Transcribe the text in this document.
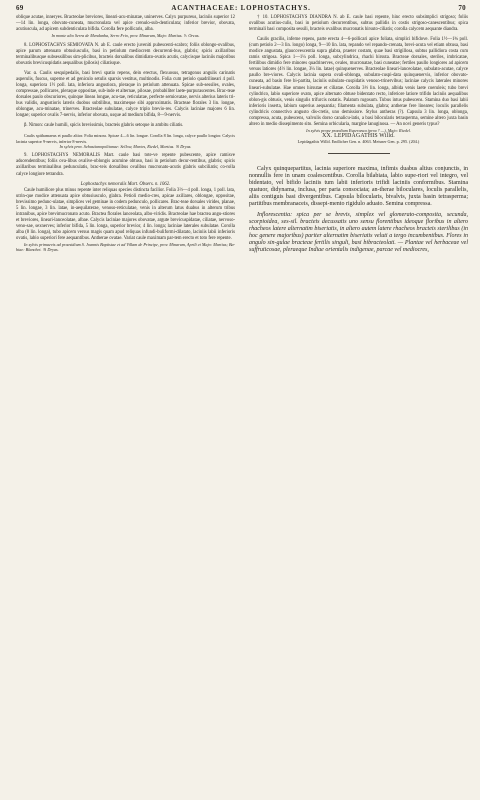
69	ACANTHACEAE: LOPHOSTACHYS.	70

oblique acutae, inneryes. Bracteolae breviores, lineari-acu-minatae, uninerves. Calyx purpureus, laciniis superior 12—14 lin. longa, obovato-cuneata, mucronulata vel apice crenulo-sub-denticulata; inferior brevior, obovata, acutiuscula, ad apicem subdenticulata bifida. Corolla fere pollicaris, alba.

In monte alto Serra de Mendanha, Serro Frio, prov. Minarum, Majo: Martius. ♄ Orcas.

8. LOPHOSTACHYS SEMIOVATA N. ab E. caule erecto juveniti pubescenti-scabro; foliis oblongo-ovalibus, apice parum attenuato obtusiusculis, basi in petiolum mediocrem decurrenti-bus, glabris; spicis axillaribus terminalibusque subsessilibus sim-plicibus, bracteis dorsalibus dimidiato-ovatis acutis, calycisque laciniis majoribus obovatis brevicuspidatis aequalibus (pilosis) ciliatisque.

Var. α. Caulis sesquipedalis, basi brevi spatio repens, dein erectus, flexuosus, tetragonus angulis carinatis asperulis, fuscus, superne et ad geniculo setulis sparsis vestitus, multinodis. Folia cum petiolo quadrilineari 4 poll. longa, superiora 1½ poll. lata, inferiora angustiora, pleraque in petiolum attenuata. Spicae sub-sessiles, ovales, compressae, pollicares, pleraque oppositae, sub-inde et alternae, pilosae, probabiliter laete-purpurascentes. Brac-teae dorsales paulo obscuriores, quinque lineas longae, acu-tae, reticulatae, perfecte semiovatae, nervis alterius lateris tri-bus validis, angustioris lateris duobus subtilibus, maximeque sibi approximatis. Bracteae florales 3 lin. longae, oblongae, acu-minatae, trinerves. Bracteolae subulatae, calyce triplo brevio-res. Calycis laciniae majores 6 lin. longae; superior ovalis 7-nervis, inferior obovata, usque ad medium bifida, 8—9-nervis.

β. Nimon: caule humili, spicis brevissimis, bracteis glabris setoque in ambitu ciliatis.

Caulis spithamaeus et paullo altior. Folia minora. Spicae 4—6 lin. longae. Corolla 8 lin. longa, calyce paullo longior. Calycis lacinia superior 9-nervis, inferior 8-nervis.

In sylvis prov. Sebastianopolitanae: Sellow, Martes, Riedel, Martius. ♃ Dryas.

9. LOPHOSTACHYS NEMORALIS Mart. caule basi tote-ve repente pubescente, apice ramisve adscendentibus; foliis ova-libus ovalive-oblongis acumine obtuso, basi in petiolum decur-rentibus, glabris; spicis axillaribus terminalibus pedunculatis, brac-teis dorsalibus ovalibus mucronato-acutis glabris subciliatis; co-rolla calyce longiore tetrandra.

Lophostachys nemoralis Mart. Obsers. n. 1062.

Caule humiliore plus minus repente inter reliquas species distincta facilior. Folia 3⅔—4 poll. longa, 1 poll. lata, utrin-que modice attenuata apice obtusiusculo, glabra. Petioli medio-cres, apicae axillares, oblongae, oppositae, brevissimo pedunc-ulatae, simplices vel geminae in codem pedunculo, pollicares. Brac-teae dorsales virides, planae, 5 lin. longae, 3 lin. latae, in-aequilaterae, venoso-reticulatae, venis in alterum latus duabus in alterum tribus intranibus, apice brevimucronato acuto. Bractea florales lanceolata, albo-viridis. Bracteolae hae bractea angu-stiores et breviores, lineari-lanceolatae, albae. Calycis laciniae majores obovatae, argute brevicuspidatae, ciliatae, nervoso-veno-sae, sexnerves; inferior bifida, 5 lin. longa, superior brevior, 4 lin. longa; laciniae laterales subulatae. Corolla alba (8 lin. longa), tubo apicem versus magis quam apud reliquas infundi-buliformi-dilatato, laciniis labii inferioris ovatis, labio superiori fere aequantibus. Antherae ovatae. Variat caule maximam par-tem erecto et toto fere repente.

In sylvis primaevis ad praesidium S. Joannis Baptistae et ad Villam de Principe, prov. Minarum, Aprili et Majo: Martius; Ba-hiae: Blanchet. ♃ Dryas.

† 10. LOPHOSTACHYS DIANDRA N. ab E. caule basi repente, hinc erecto subsimplici strigoso; foliis ovalibus acutius-culis, basi in petiolum decurrentibus, subtus pallidis in costis strigoso-canescentibus; spica terminali basi composita sessili, bracteis ovalibus mucronatis hirsuto-ciliatis; corolla calycem aequante diandra.

Caulis gracilis, inferne repens, parte erecta 4—6-pollicari apice foliata, simplici bifidove. Folia 1½—1¾ poll. (cum petiolo 2—3 lin. longo) longa, 9—10 lin. lata, repando vel repando-crenata, brevi-acuta vel etiam obtusa, basi modice angustata, glaucovescentia supra glabra, praeter costam, quae basi strigillosa, subtus pallidiora costa cum ramis strigosa. Spica 1—1¼ poll. longa, subcylindrica, rhachi hirsuta. Bracteae dorsales, steriles, imbricatae, fertilibus dimidio fere minores quadrinerves, ovales, mucronatae, basi cuneatae; fertiles paullo longiores ad apicem versus latiores (4⅔ lin. longae, 3¼ lin. latae) quinquenerves. Bracteolae lineari-lanceolatae, subulato-acutae, calyce paullo bre-viores. Calycis lacinia supera ovali-oblonga, subulato-cuspi-data quinquenervis, inferior obovato-cuneata, ad basin fere bi-partita, laciniis subulato-cuspidatis venoso-trinervibus; laciniae calycis laterales minores lineari-subulatae. Hae omnes hirsutae et ciliatae. Corolla 3⅓ lin. longa, albida venis laete coeruleis; tubo brevi cylindrico, labio superiore ovato, apice alternato obtuse bidentato recto, inferiore latiore trifido laciniis aequalibus oblon-gis obtusis, venis singulis trifurcis notatis. Palatum rugosum. Tubus intus pubescens. Stamina duo basi labii inferioris inserta, labium superius aequantia; filamenta subulata, glabra; antherae fere lineares; loculis parallelis cylindricis connectivo angusto dis-cretis, uno demissiore. Stylus antheras (?). Capsula 3 lin. longa, oblonga, compressa, acuta, pubescens, valvulis dorso canalicu-latis, a basi bilocularis tetrasperma, semine altero juxta basin altero in medio dissepimento sito. Semina orbicularia, margine lanuginosa. — An novi generis typus?

In sylvis prope praedium Esperanca (prov.? —), Majo: Riedel.

XX. LEPIDAGATHIS Willd.

Lepidagathis Willd. Endlicher Gen. n. 4063. Meisner Gen. p. 295. (204.)

Calyx quinquepartitus, lacinia superiore maxima, infimis duabus altius conjunctis, in nonnullis fere in unam coalescentibus. Corolla bilabiata, labio supe-riori vel integro, vel bidentato, vel bifido laciniis tum labii inferioris trifidi laciniis conformibus. Stamina quatuor, didynama, inclusa, per paria consociata; an-therae biloculares, loculis parallelis, aliis contiguis basi divergentibus. Capsula bilocularis, bivalvis, juxta basin tetrasperma; partitibus membranaceis, dissepi-mento rigidulo aduato. Semina compressa.

Inflorescentia: spica per se brevis, simplex vel glomerato-composita, secunda, scorpioidea, ses-sil. bracteis decussatis uno sensu florentibus ideoque floribus in altero rhacheos latere alternatim biseriatis, in altero autem latere rhacheos bracteis sterilibus (in hoc genere majoribus) pariter alternatim biseriatis veluti a tergo incumbentibus. Flores in angulo sin-gulae bracteae fertilis singuli, basi bibracteolati. — Plantae vel herbaceae vel suffruticosae, pleraeque Indiae orientalis indigenae, parcae vel mediocres,
